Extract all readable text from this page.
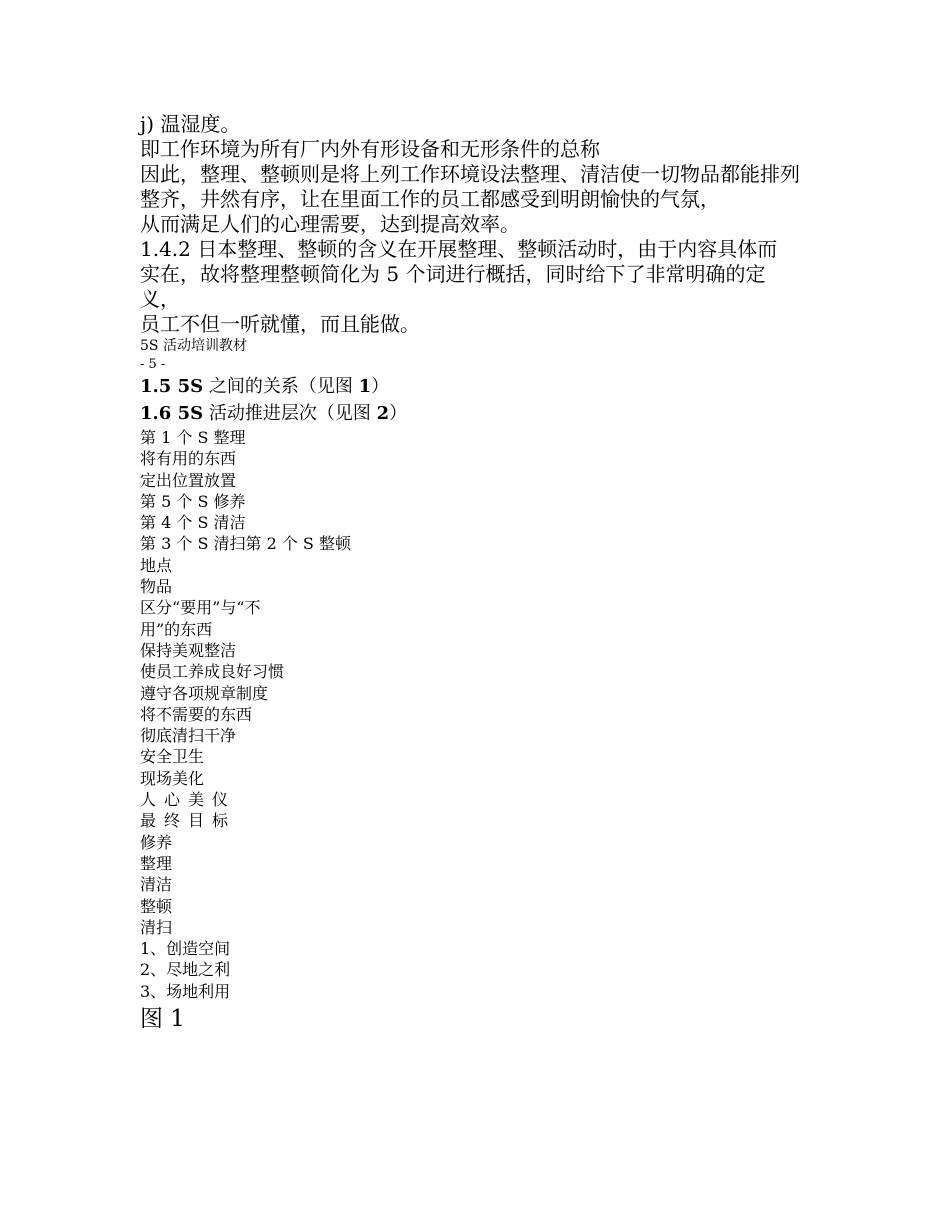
j) 温湿度。

即工作环境为所有厂内外有形设备和无形条件的总称

因此，整理、整顿则是将上列工作环境设法整理、清洁使一切物品都能排列整齐，井然有序，让在里面工作的员工都感受到明朗愉快的气氛，

从而满足人们的心理需要，达到提高效率。

1.4.2 日本整理、整顿的含义在开展整理、整顿活动时，由于内容具体而

实在，故将整理整顿简化为 5 个词进行概括，同时给下了非常明确的定义，

员工不但一听就懂，而且能做。

5S 活动培训教材

- 5 -

1.5 5S 之间的关系（见图 1）

1.6 5S 活动推进层次（见图 2）

第 1 个 S 整理

将有用的东西

定出位置放置

第 5 个 S 修养

第 4 个 S 清洁

第 3 个 S 清扫第 2 个 S 整顿

地点

物品

区分“要用”与“不

用”的东西

保持美观整洁

使员工养成良好习惯

遵守各项规章制度

将不需要的东西

彻底清扫干净

安全卫生

现场美化

人心美仪

最终目标

修养

整理

清洁

整顿

清扫

1、创造空间

2、尽地之利

3、场地利用

图 1
